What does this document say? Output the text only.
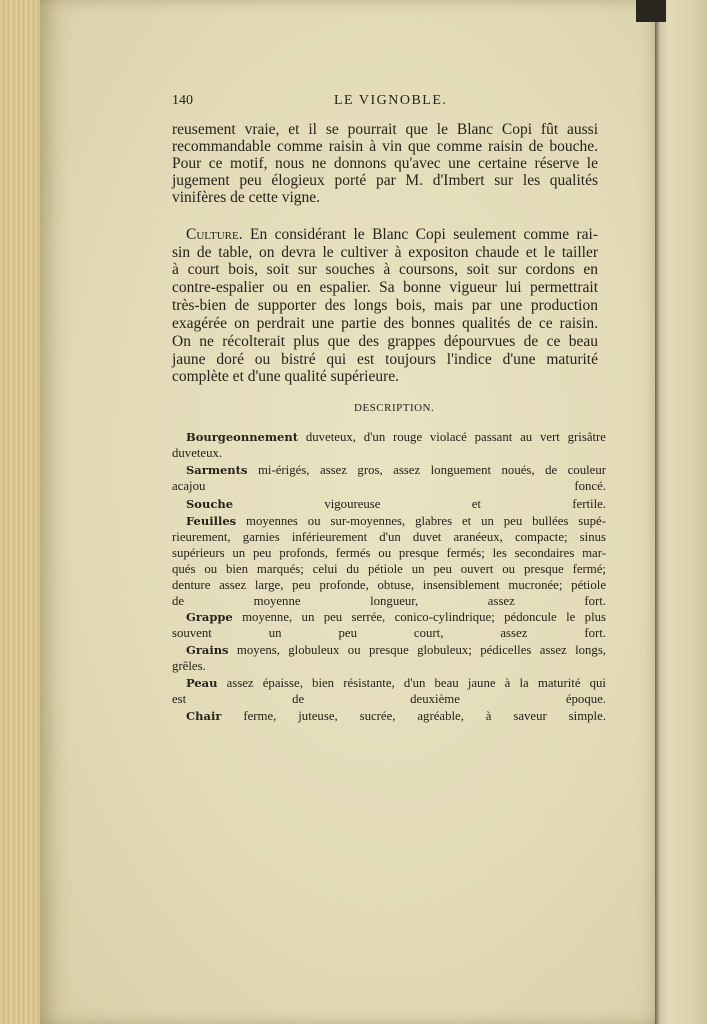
140	LE VIGNOBLE.
reusement vraie, et il se pourrait que le Blanc Copi fût aussi
recommandable comme raisin à vin que comme raisin de bouche.
Pour ce motif, nous ne donnons qu'avec une certaine réserve le
jugement peu élogieux porté par M. d'Imbert sur les qualités
vinifères de cette vigne.
Culture. En considérant le Blanc Copi seulement comme rai-
sin de table, on devra le cultiver à expositon chaude et le tailler
à court bois, soit sur souches à coursons, soit sur cordons en
contre-espalier ou en espalier. Sa bonne vigueur lui permettrait
très-bien de supporter des longs bois, mais par une production
exagérée on perdrait une partie des bonnes qualités de ce raisin.
On ne récolterait plus que des grappes dépourvues de ce beau
jaune doré ou bistré qui est toujours l'indice d'une maturité
complète et d'une qualité supérieure.
DESCRIPTION.
Bourgeonnement duveteux, d'un rouge violacé passant au vert grisâtre
duveteux.
Sarments mi-érigés, assez gros, assez longuement noués, de couleur
acajou foncé.
Souche	vigoureuse et fertile.
Feuilles moyennes ou sur-moyennes, glabres et un peu bullées supé-
rieurement, garnies inférieurement d'un duvet aranéeux, compacte; sinus
supérieurs un peu profonds, fermés ou presque fermés; les secondaires mar-
qués ou bien marqués; celui du pétiole un peu ouvert ou presque fermé;
denture assez large, peu profonde, obtuse, insensiblement mucronée; pétiole
de moyenne longueur, assez fort.
Grappe moyenne, un peu serrée, conico-cylindrique; pédoncule le plus
souvent un peu court, assez fort.
Grains moyens, globuleux ou presque globuleux; pédicelles assez longs,
grêles.
Peau assez épaisse, bien résistante, d'un beau jaune à la maturité qui
est de deuxième époque.
Chair ferme, juteuse, sucrée, agréable, à saveur simple.
